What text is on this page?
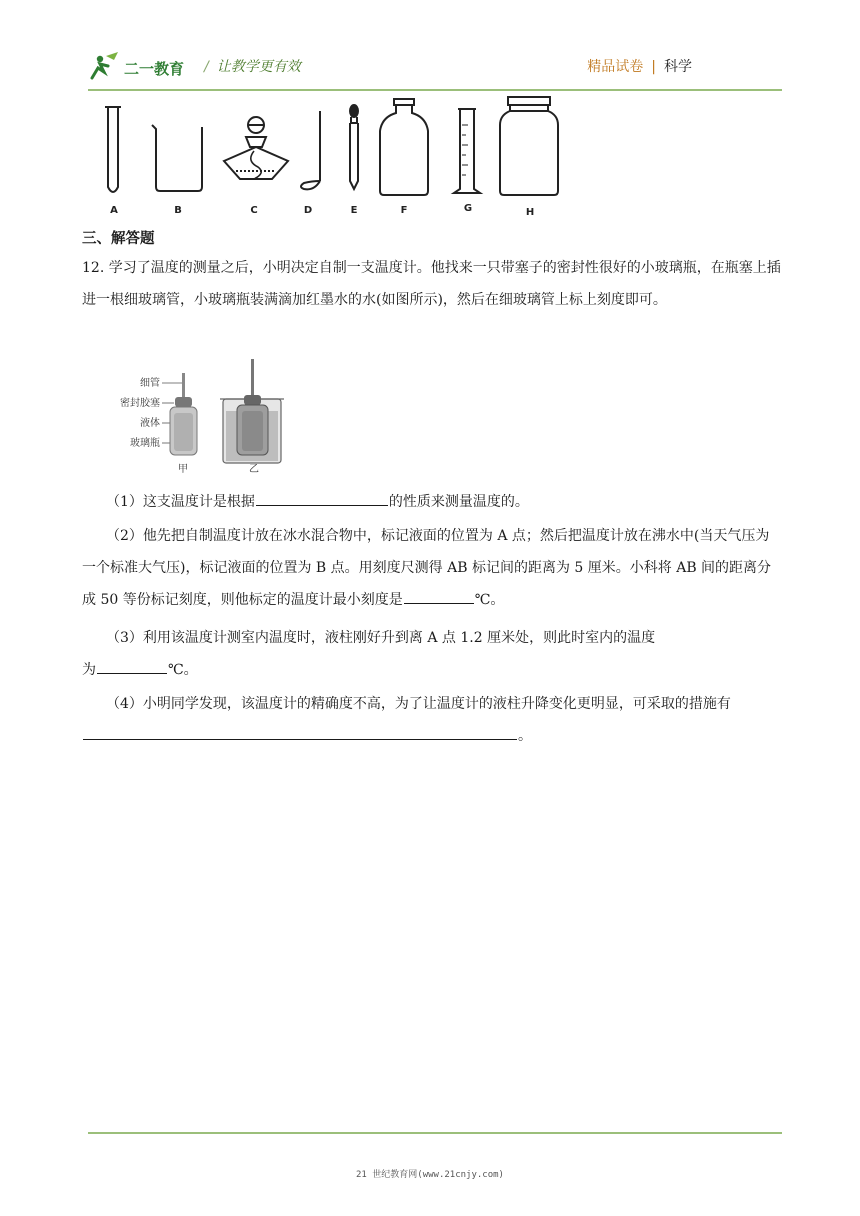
二一教育 / 让教学更有效	精品试卷 | 科学
A	B	C	D	E	F	G	H
三、解答题
12. 学习了温度的测量之后，小明决定自制一支温度计。他找来一只带塞子的密封性很好的小玻璃瓶，在瓶塞上插进一根细玻璃管，小玻璃瓶装满滴加红墨水的水(如图所示)，然后在细玻璃管上标上刻度即可。
细管
密封胶塞
液体
玻璃瓶
甲	乙
（1）这支温度计是根据	的性质来测量温度的。
（2）他先把自制温度计放在冰水混合物中，标记液面的位置为 A 点；然后把温度计放在沸水中(当天气压为一个标准大气压)，标记液面的位置为 B 点。用刻度尺测得 AB 标记间的距离为 5 厘米。小科将 AB 间的距离分成 50 等份标记刻度，则他标定的温度计最小刻度是	℃。
（3）利用该温度计测室内温度时，液柱刚好升到离 A 点 1.2 厘米处，则此时室内的温度
为	℃。
（4）小明同学发现，该温度计的精确度不高，为了让温度计的液柱升降变化更明显，可采取的措施有。
21 世纪教育网(www.21cnjy.com)
